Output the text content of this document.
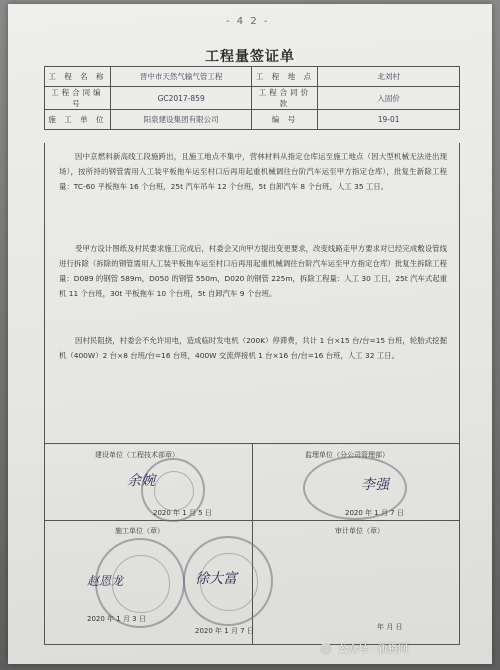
- 4 2 -
工程量签证单
工 程 名 称	晋中市天然气输气管工程	工 程 地 点	北刘村
工程合同编号	GC2017-859	工程合同价款	入固价
施 工 单 位	阳泉建设集团有限公司	编 号	19-01
因中京燃料新高线工段施跨出，且施工地点不集中，营林材料从指定仓库运至施工地点（因大型机械无法进出现场），按所持的钢管需用人工装平板拖车运至村口后再用起重机械调往台阶汽车运至甲方指定仓库），批复生新除工程量：TC-60 平板拖车 16 个台班，25t 汽车吊车 12 个台班，5t 自卸汽车 8 个台班，人工 35 工日。
受甲方设计图纸及村民要求施工完成后，村委会又向甲方提出变更要求，改变线路走甲方要求对已经完成敷设管线进行拆除（拆除的钢管需用人工装平板拖车运至村口后再用起重机械调往台阶汽车运至甲方指定仓库）批复生拆除工程量：D089 的钢管 589m，D050 的钢管 550m，D020 的钢管 225m，拆除工程量：人工 30 工日，25t 汽车式起重机 11 个台班，30t 平板拖车 10 个台班，5t 自卸汽车 9 个台班。
因村民阻挠，村委会不允许用电，造成临时发电机（200K）停滞费，共计 1 台×15 台/台=15 台班，轮胎式挖掘机（400W）2 台×8 台班/台=16 台班，400W 交流焊接机 1 台×16 台/台=16 台班，人工 32 工日。
建设单位（工程技术部章）
余婉
2020 年 1 月 5 日
监理单位（分公司管理部）
李强
2020 年 1 月 7 日
施工单位（章）
赵恩龙	徐大富
2020 年 1 月 3 日
2020 年 1 月 7 日
审计单位（章）
年 月 日
公众号 · 新腾网
